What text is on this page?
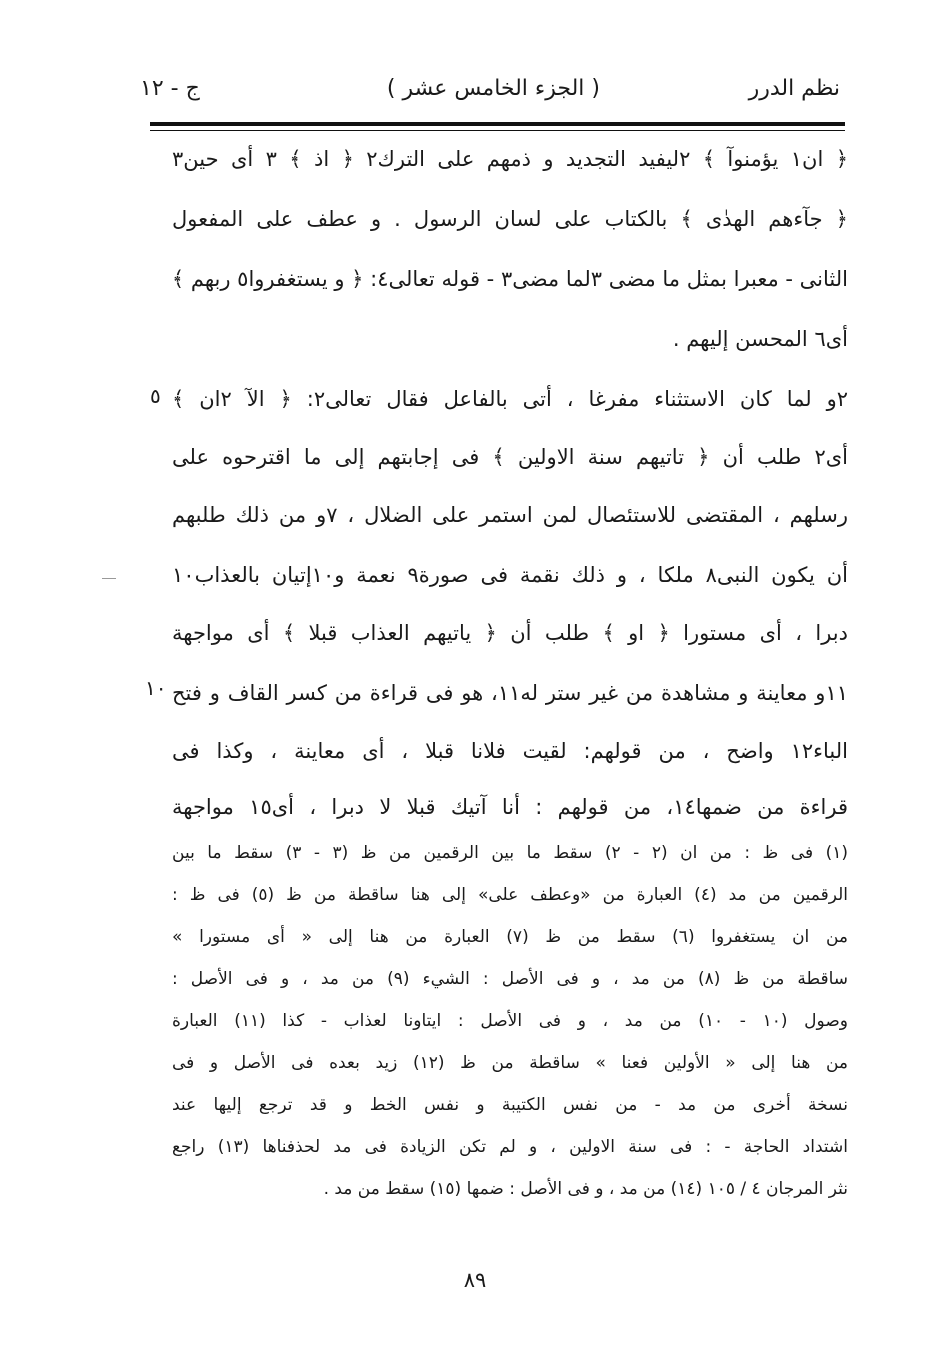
نظم الدرر
( الجزء الخامس عشر )
ج - ١٢
﴿ ان١ يؤمنوآ ﴾ ٢ليفيد التجديد و ذمهم على الترك٢ ﴿ اذ ﴾ ٣ أى حين٣
﴿ جآءهم الهدٰى ﴾ بالكتاب على لسان الرسول . و عطف على المفعول
الثانى - معبرا بمثل ما مضى ٣لما مضى٣ - قوله تعالى٤: ﴿ و يستغفروا٥ ربهم ﴾
أى٦ المحسن إليهم .
٢و لما كان الاستثناء مفرغا ، أتى بالفاعل فقال تعالى٢: ﴿ الآ ٢ان ﴾
أى٢ طلب أن ﴿ تاتيهم سنة الاولين ﴾ فى إجابتهم إلى ما اقترحوه على
رسلهم ، المقتضى للاستئصال لمن استمر على الضلال ، ٧و من ذلك طلبهم
أن يكون النبى٨ ملكا ، و ذلك نقمة فى صورة٩ نعمة و١٠إتيان بالعذاب١٠
دبرا ، أى مستورا ﴿ او ﴾ طلب أن ﴿ ياتيهم العذاب قبلا ﴾ أى مواجهة
١١و معاينة و مشاهدة من غير ستر له١١، هو فى قراءة من كسر القاف و فتح
الباء١٢ واضح ، من قولهم: لقيت فلانا قبلا ، أى معاينة ، وكذا فى
قراءة من ضمها١٤، من قولهم : أنا آتيك قبلا لا دبرا ، أى١٥ مواجهة
٥
١٠
(١) فى ظ : من ان (٢ - ٢) سقط ما بين الرقمين من ظ (٣ - ٣) سقط ما بين
الرقمين من مد (٤) العبارة من «وعطف على» إلى هنا ساقطة من ظ (٥) فى ظ :
من ان يستغفروا (٦) سقط من ظ (٧) العبارة من هنا إلى « أى مستورا »
ساقطة من ظ (٨) من مد ، و فى الأصل : الشيء (٩) من مد ، و فى الأصل :
وصول (١٠ - ١٠) من مد ، و فى الأصل : ايتاونا لعذاب - كذا (١١) العبارة
من هنا إلى « الأولين فعنا » ساقطة من ظ (١٢) زيد بعده فى الأصل و فى
نسخة أخرى من مد - من نفس الكتيبة و نفس الخط و قد ترجع إليها عند
اشتداد الحاجة - : فى سنة الاولين ، و لم تكن الزيادة فى مد لحذفناها (١٣) راجع
نثر المرجان ٤ / ١٠٥ (١٤) من مد ، و فى الأصل : ضمها (١٥) سقط من مد .
٨٩
